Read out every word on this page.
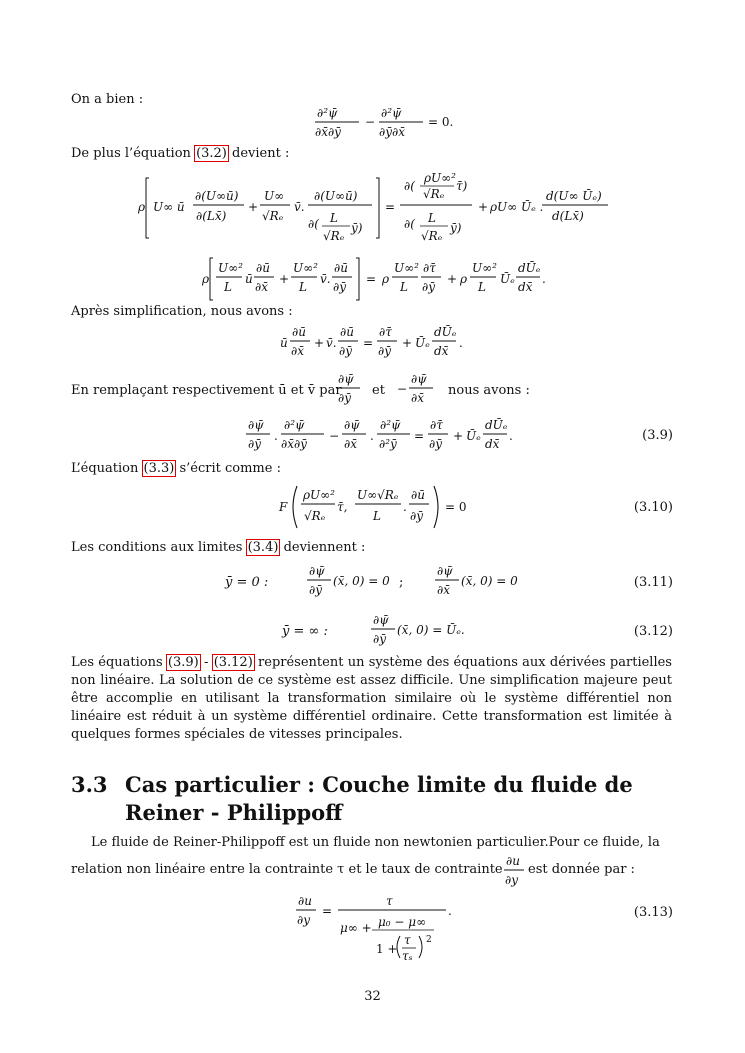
On a bien :
∂²ψ̄
∂x̄∂ȳ
−
∂²ψ̄
∂ȳ∂x̄
= 0.
De plus l’équation (3.2) devient :
ρ U∞ ū
∂(U∞ū)
∂(Lx̄)
+
U∞
√Rₑ
v̄.
∂(U∞ū)
∂( L
√Rₑ
ȳ)
=
∂(
ρU∞²
√Rₑ
τ̄)
∂( L
√Rₑ
ȳ)
+ ρU∞ Ūₑ .
d(U∞ Ūₑ)
d(Lx̄)
ρ
U∞²
L
ū
∂ū
∂x̄
+
U∞²
L
v̄.
∂ū
∂ȳ
= ρ
U∞²
L
∂τ̄
∂ȳ
+ ρ
U∞²
L
Ūₑ
dŪₑ
dx̄
.
Après simplification, nous avons :
ū
∂ū
∂x̄
+ v̄.
∂ū
∂ȳ
=
∂τ̄
∂ȳ
+ Ūₑ
dŪₑ
dx̄
.
En remplaçant respectivement ū et v̄ par
∂ψ̄
∂ȳ et	−
∂ψ̄
∂x̄ nous avons :
∂ψ̄
∂ȳ
.
∂²ψ̄
∂x̄∂ȳ
−
∂ψ̄
∂x̄
.
∂²ψ̄
∂²ȳ
=
∂τ̄
∂ȳ
+ Ūₑ
dŪₑ
dx̄
.	(3.9)
L’équation (3.3) s’écrit comme :
F
ρU∞²
√Rₑ
τ̄,
U∞√Rₑ
L
.
∂ū
∂ȳ
= 0	(3.10)
Les conditions aux limites (3.4) deviennent :
ȳ = 0 :
∂ψ̄
∂ȳ
(x̄, 0) = 0
∂ψ̄
∂x̄
(x̄, 0) = 0
;	(3.11)
ȳ = ∞ :
∂ψ̄
∂ȳ
(x̄, 0) = Ūₑ.	(3.12)
Les équations (3.9) - (3.12) représentent un système des équations aux dérivées partielles non linéaire. La solution de ce système est assez difficile. Une simplification majeure peut être accomplie en utilisant la transformation similaire où le système différentiel non linéaire est réduit à un système différentiel ordinaire. Cette transformation est limitée à quelques formes spéciales de vitesses principales.
3.3 Cas particulier : Couche limite du fluide de Reiner - Philippoff
Le fluide de Reiner-Philippoff est un fluide non newtonien particulier.Pour ce fluide, la
relation non linéaire entre la contrainte τ et le taux de contrainte
∂u
∂y
est donnée par :
∂u
∂y
=
τ
μ∞ + μ₀ − μ∞
1 +
τ
τₛ
2
.	(3.13)
32
